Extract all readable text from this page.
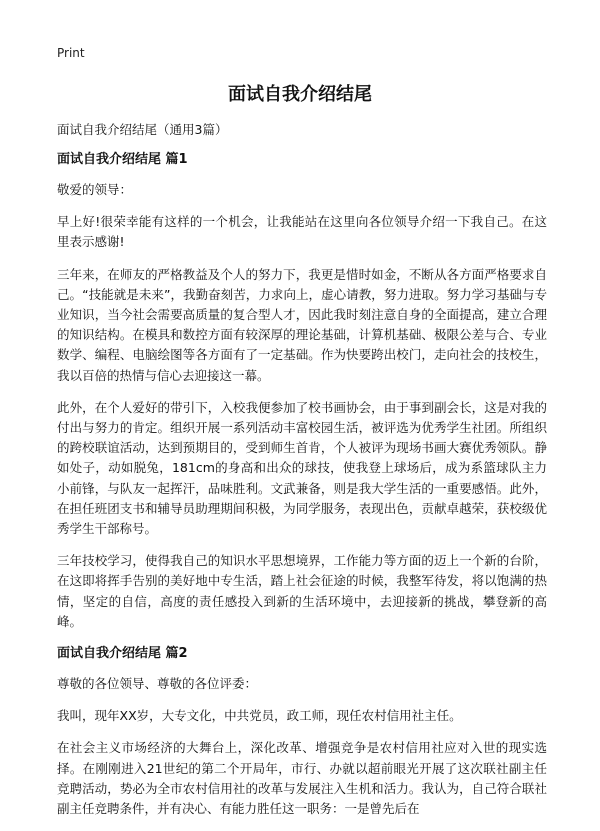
Print
面试自我介绍结尾

面试自我介绍结尾（通用3篇）

面试自我介绍结尾 篇1

敬爱的领导：

早上好!很荣幸能有这样的一个机会，让我能站在这里向各位领导介绍一下我自己。在这里表示感谢!

三年来，在师友的严格教益及个人的努力下，我更是惜时如金，不断从各方面严格要求自己。“技能就是未来”，我勤奋刻苦，力求向上，虚心请教，努力进取。努力学习基础与专业知识，当今社会需要高质量的复合型人才，因此我时刻注意自身的全面提高，建立合理的知识结构。在模具和数控方面有较深厚的理论基础，计算机基础、极限公差与合、专业数学、编程、电脑绘图等各方面有了一定基础。作为快要跨出校门，走向社会的技校生，我以百倍的热情与信心去迎接这一幕。

此外，在个人爱好的带引下，入校我便参加了校书画协会，由于事到副会长，这是对我的付出与努力的肯定。组织开展一系列活动丰富校园生活，被评选为优秀学生社团。所组织的跨校联谊活动，达到预期目的，受到师生首肯，个人被评为现场书画大赛优秀领队。静如处子，动如脱兔，181cm的身高和出众的球技，使我登上球场后，成为系篮球队主力小前锋，与队友一起挥汗，品味胜利。文武兼备，则是我大学生活的一重要感悟。此外，在担任班团支书和辅导员助理期间积极，为同学服务，表现出色，贡献卓越荣，获校级优秀学生干部称号。

三年技校学习，使得我自己的知识水平思想境界，工作能力等方面的迈上一个新的台阶，在这即将挥手告别的美好地中专生活，踏上社会征途的时候，我整军待发，将以饱满的热情，坚定的自信，高度的责任感投入到新的生活环境中，去迎接新的挑战，攀登新的高峰。

面试自我介绍结尾 篇2

尊敬的各位领导、尊敬的各位评委：

我叫，现年XX岁，大专文化，中共党员，政工师，现任农村信用社主任。

在社会主义市场经济的大舞台上，深化改革、增强竞争是农村信用社应对入世的现实选择。在刚刚进入21世纪的第二个开局年，市行、办就以超前眼光开展了这次联社副主任竞聘活动，势必为全市农村信用社的改革与发展注入生机和活力。我认为，自己符合联社副主任竞聘条件，并有决心、有能力胜任这一职务：一是曾先后在
